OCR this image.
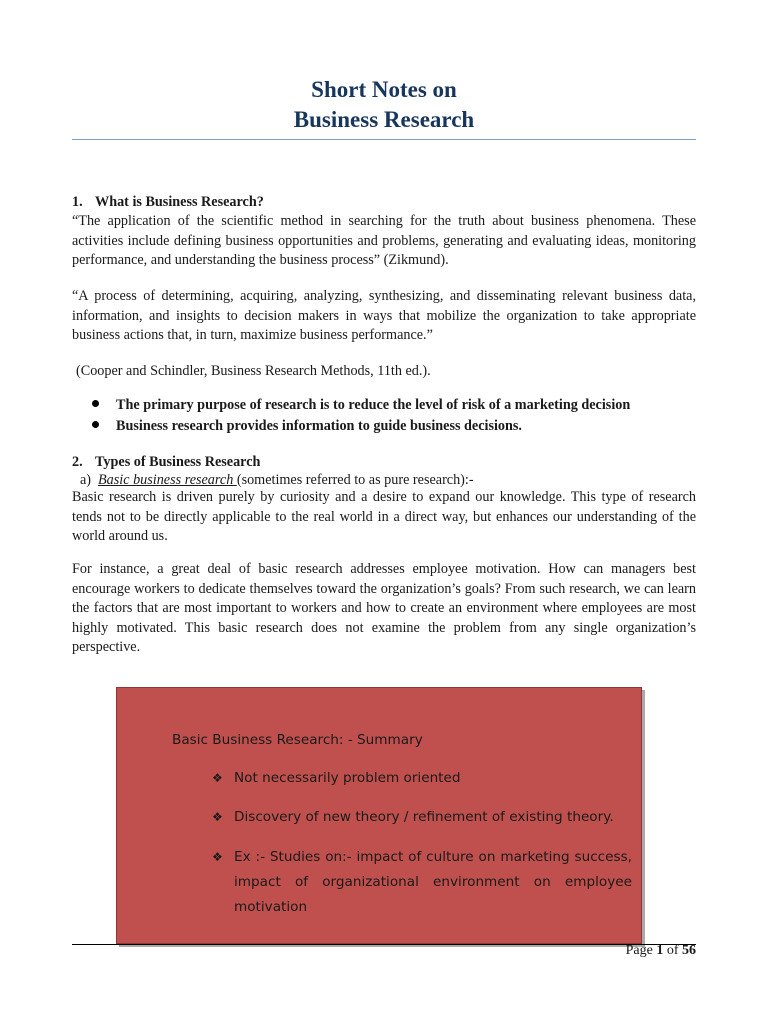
Short Notes on
Business Research
1. What is Business Research?
“The application of the scientific method in searching for the truth about business phenomena. These activities include defining business opportunities and problems, generating and evaluating ideas, monitoring performance, and understanding the business process” (Zikmund).
“A process of determining, acquiring, analyzing, synthesizing, and disseminating relevant business data, information, and insights to decision makers in ways that mobilize the organization to take appropriate business actions that, in turn, maximize business performance.”
(Cooper and Schindler, Business Research Methods, 11th ed.).
The primary purpose of research is to reduce the level of risk of a marketing decision
Business research provides information to guide business decisions.
2. Types of Business Research
a) Basic business research (sometimes referred to as pure research):-
Basic research is driven purely by curiosity and a desire to expand our knowledge. This type of research tends not to be directly applicable to the real world in a direct way, but enhances our understanding of the world around us.
For instance, a great deal of basic research addresses employee motivation. How can managers best encourage workers to dedicate themselves toward the organization’s goals? From such research, we can learn the factors that are most important to workers and how to create an environment where employees are most highly motivated. This basic research does not examine the problem from any single organization’s perspective.
Basic Business Research: - Summary
❖ Not necessarily problem oriented
❖ Discovery of new theory / refinement of existing theory.
❖ Ex :- Studies on:- impact of culture on marketing success, impact of organizational environment on employee motivation
Page 1 of 56
